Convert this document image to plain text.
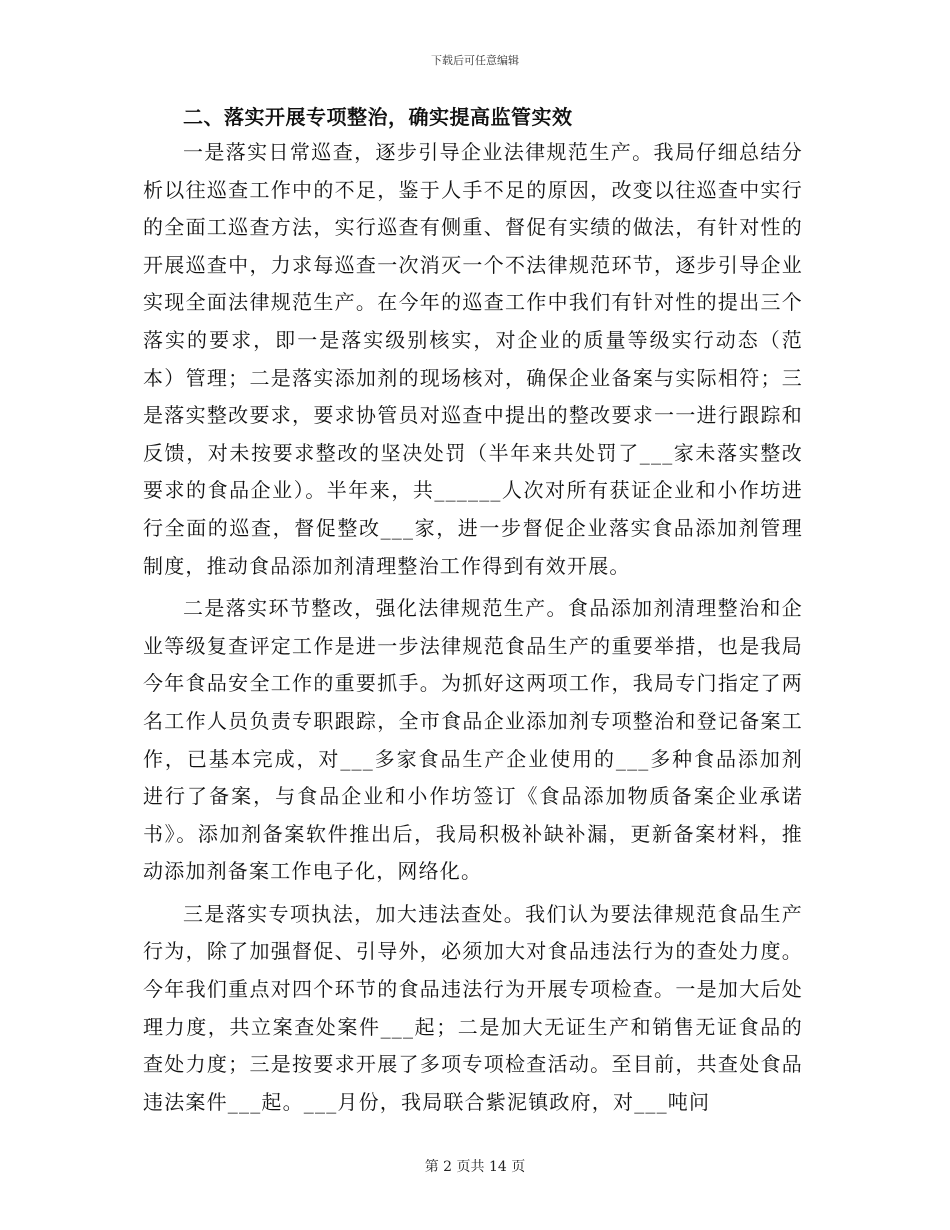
下载后可任意编辑
二、落实开展专项整治，确实提高监管实效

一是落实日常巡查，逐步引导企业法律规范生产。我局仔细总结分析以往巡查工作中的不足，鉴于人手不足的原因，改变以往巡查中实行的全面工巡查方法，实行巡查有侧重、督促有实绩的做法，有针对性的开展巡查中，力求每巡查一次消灭一个不法律规范环节，逐步引导企业实现全面法律规范生产。在今年的巡查工作中我们有针对性的提出三个落实的要求，即一是落实级别核实，对企业的质量等级实行动态（范本）管理；二是落实添加剂的现场核对，确保企业备案与实际相符；三是落实整改要求，要求协管员对巡查中提出的整改要求一一进行跟踪和反馈，对未按要求整改的坚决处罚（半年来共处罚了___家未落实整改要求的食品企业）。半年来，共______人次对所有获证企业和小作坊进行全面的巡查，督促整改___家，进一步督促企业落实食品添加剂管理制度，推动食品添加剂清理整治工作得到有效开展。

二是落实环节整改，强化法律规范生产。食品添加剂清理整治和企业等级复查评定工作是进一步法律规范食品生产的重要举措，也是我局今年食品安全工作的重要抓手。为抓好这两项工作，我局专门指定了两名工作人员负责专职跟踪，全市食品企业添加剂专项整治和登记备案工作，已基本完成，对___多家食品生产企业使用的___多种食品添加剂进行了备案，与食品企业和小作坊签订《食品添加物质备案企业承诺书》。添加剂备案软件推出后，我局积极补缺补漏，更新备案材料，推动添加剂备案工作电子化，网络化。

三是落实专项执法，加大违法查处。我们认为要法律规范食品生产行为，除了加强督促、引导外，必须加大对食品违法行为的查处力度。今年我们重点对四个环节的食品违法行为开展专项检查。一是加大后处理力度，共立案查处案件___起；二是加大无证生产和销售无证食品的查处力度；三是按要求开展了多项专项检查活动。至目前，共查处食品违法案件___起。___月份，我局联合紫泥镇政府，对___吨问

第 2 页共 14 页
